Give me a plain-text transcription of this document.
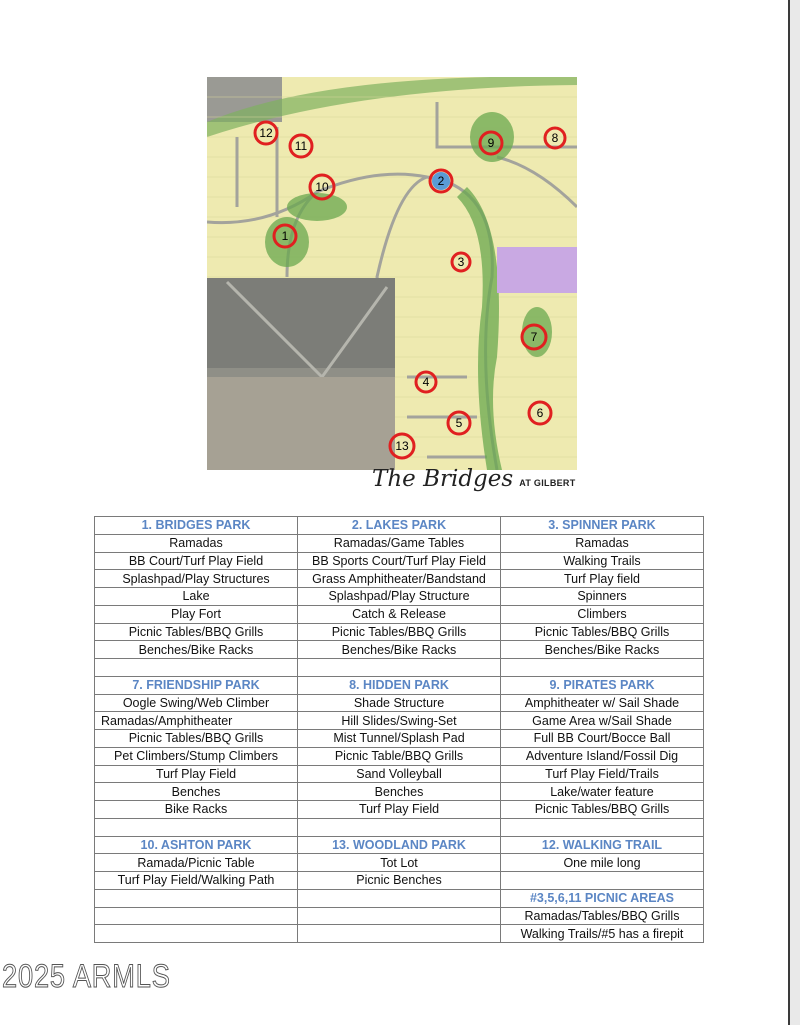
12
11
10
1
2
9	8
3
7
4
5
6
13
The Bridges AT GILBERT
1. BRIDGES PARK	2. LAKES PARK	3. SPINNER PARK
Ramadas	Ramadas/Game Tables	Ramadas
BB Court/Turf Play Field	BB Sports Court/Turf Play Field	Walking Trails
Splashpad/Play Structures	Grass Amphitheater/Bandstand	Turf Play field
Lake	Splashpad/Play Structure	Spinners
Play Fort	Catch & Release	Climbers
Picnic Tables/BBQ Grills	Picnic Tables/BBQ Grills	Picnic Tables/BBQ Grills
Benches/Bike Racks	Benches/Bike Racks	Benches/Bike Racks

7. FRIENDSHIP PARK	8. HIDDEN PARK	9. PIRATES PARK
Oogle Swing/Web Climber	Shade Structure	Amphitheater w/ Sail Shade
Ramadas/Amphitheater	Hill Slides/Swing-Set	Game Area w/Sail Shade
Picnic Tables/BBQ Grills	Mist Tunnel/Splash Pad	Full BB Court/Bocce Ball
Pet Climbers/Stump Climbers	Picnic Table/BBQ Grills	Adventure Island/Fossil Dig
Turf Play Field	Sand Volleyball	Turf Play Field/Trails
Benches	Benches	Lake/water feature
Bike Racks	Turf Play Field	Picnic Tables/BBQ Grills

10. ASHTON PARK	13. WOODLAND PARK	12. WALKING TRAIL
Ramada/Picnic Table	Tot Lot	One mile long
Turf Play Field/Walking Path	Picnic Benches	
		#3,5,6,11 PICNIC AREAS
		Ramadas/Tables/BBQ Grills
		Walking Trails/#5 has a firepit
2025 ARMLS
